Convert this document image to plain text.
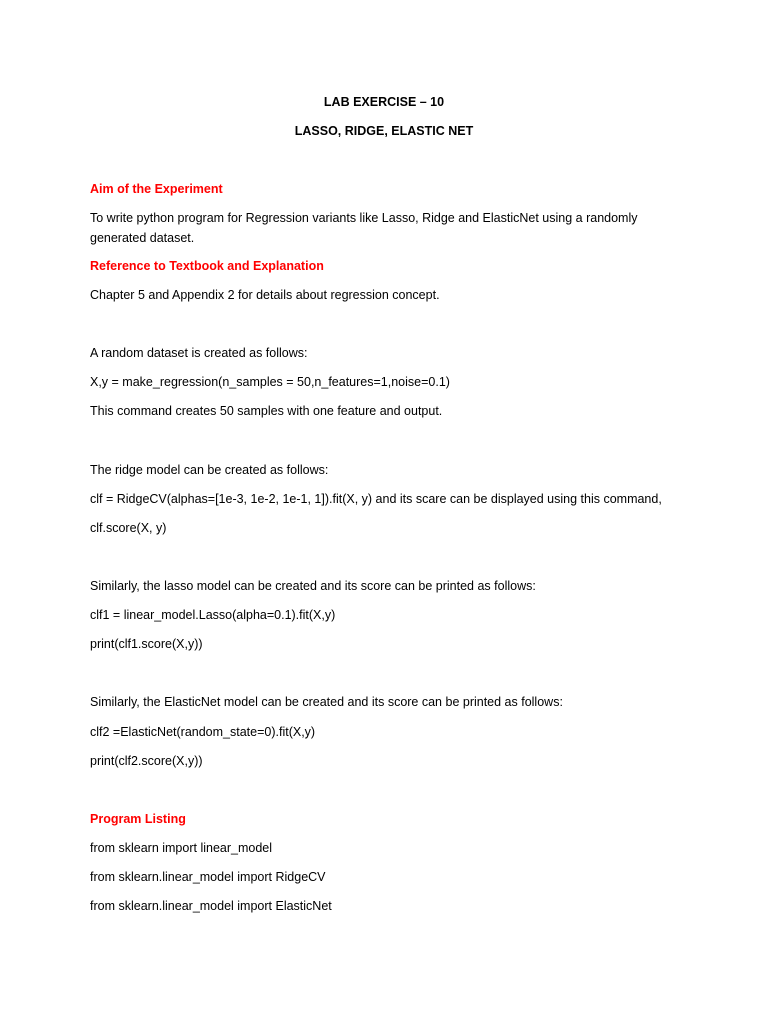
LAB EXERCISE – 10
LASSO, RIDGE, ELASTIC NET
Aim of the Experiment
To write python program for Regression variants like Lasso, Ridge and ElasticNet using a randomly generated dataset.
Reference to Textbook and Explanation
Chapter 5 and Appendix 2 for details about regression concept.
A random dataset is created as follows:
X,y = make_regression(n_samples = 50,n_features=1,noise=0.1)
This command creates 50 samples with one feature and output.
The ridge model can be created as follows:
clf = RidgeCV(alphas=[1e-3, 1e-2, 1e-1, 1]).fit(X, y) and its scare can be displayed using this command,
clf.score(X, y)
Similarly, the lasso model can be created and its score can be printed as follows:
clf1 = linear_model.Lasso(alpha=0.1).fit(X,y)
print(clf1.score(X,y))
Similarly, the ElasticNet model can be created and its score can be printed as follows:
clf2 =ElasticNet(random_state=0).fit(X,y)
print(clf2.score(X,y))
Program Listing
from sklearn import linear_model
from sklearn.linear_model import RidgeCV
from sklearn.linear_model import ElasticNet
